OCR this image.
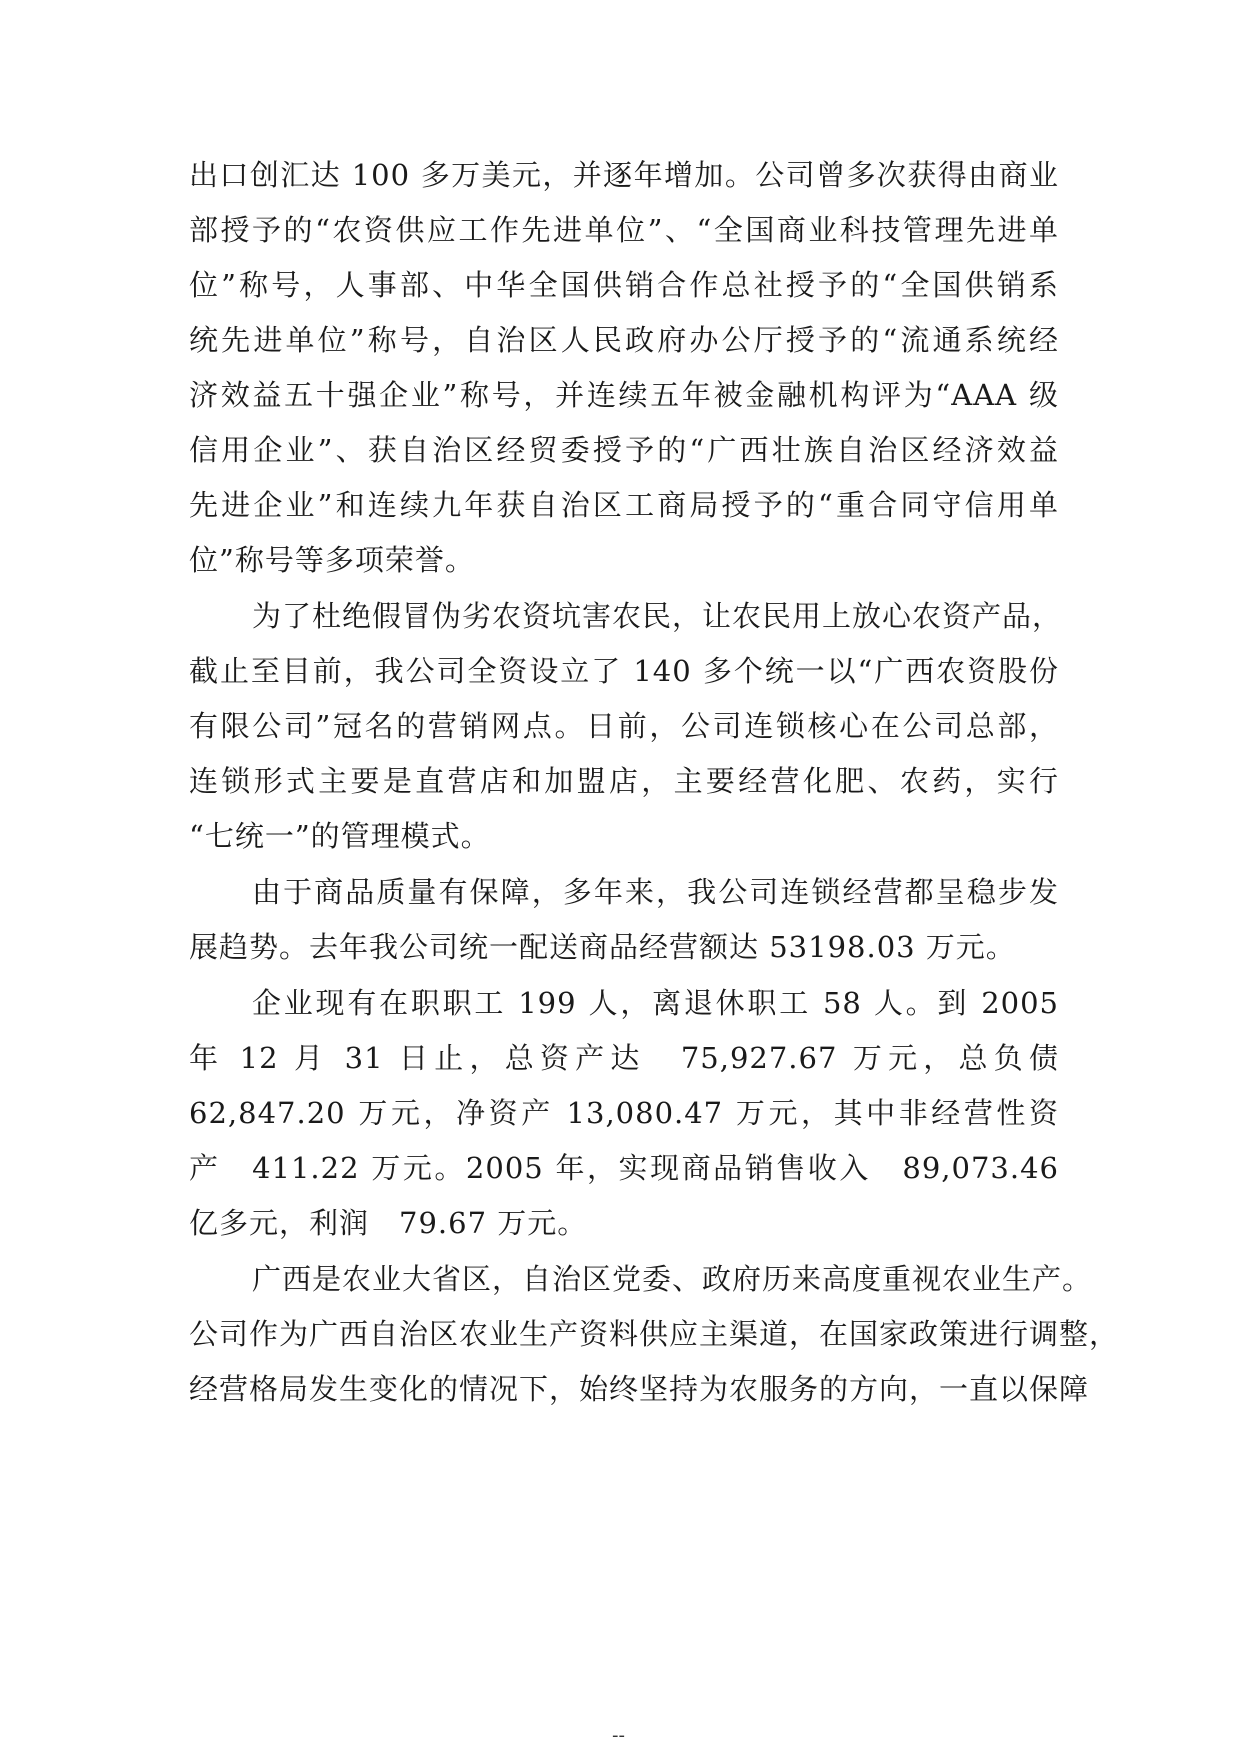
出口创汇达 100 多万美元，并逐年增加。公司曾多次获得由商业
部授予的“农资供应工作先进单位”、“全国商业科技管理先进单
位”称号，人事部、中华全国供销合作总社授予的“全国供销系
统先进单位”称号，自治区人民政府办公厅授予的“流通系统经
济效益五十强企业”称号，并连续五年被金融机构评为“AAA 级
信用企业”、获自治区经贸委授予的“广西壮族自治区经济效益
先进企业”和连续九年获自治区工商局授予的“重合同守信用单
位”称号等多项荣誉。
为了杜绝假冒伪劣农资坑害农民，让农民用上放心农资产品，
截止至目前，我公司全资设立了 140 多个统一以“广西农资股份
有限公司”冠名的营销网点。日前，公司连锁核心在公司总部，
连锁形式主要是直营店和加盟店，主要经营化肥、农药，实行
“七统一”的管理模式。
由于商品质量有保障，多年来，我公司连锁经营都呈稳步发
展趋势。去年我公司统一配送商品经营额达 53198.03 万元。
企业现有在职职工 199 人，离退休职工 58 人。到 2005
年 12 月 31 日止，总资产达　75,927.67 万元，总负债
62,847.20 万元，净资产 13,080.47 万元，其中非经营性资
产　411.22 万元。2005 年，实现商品销售收入　89,073.46
亿多元，利润　79.67 万元。
广西是农业大省区，自治区党委、政府历来高度重视农业生产。
公司作为广西自治区农业生产资料供应主渠道，在国家政策进行调整，
经营格局发生变化的情况下，始终坚持为农服务的方向，一直以保障
--
